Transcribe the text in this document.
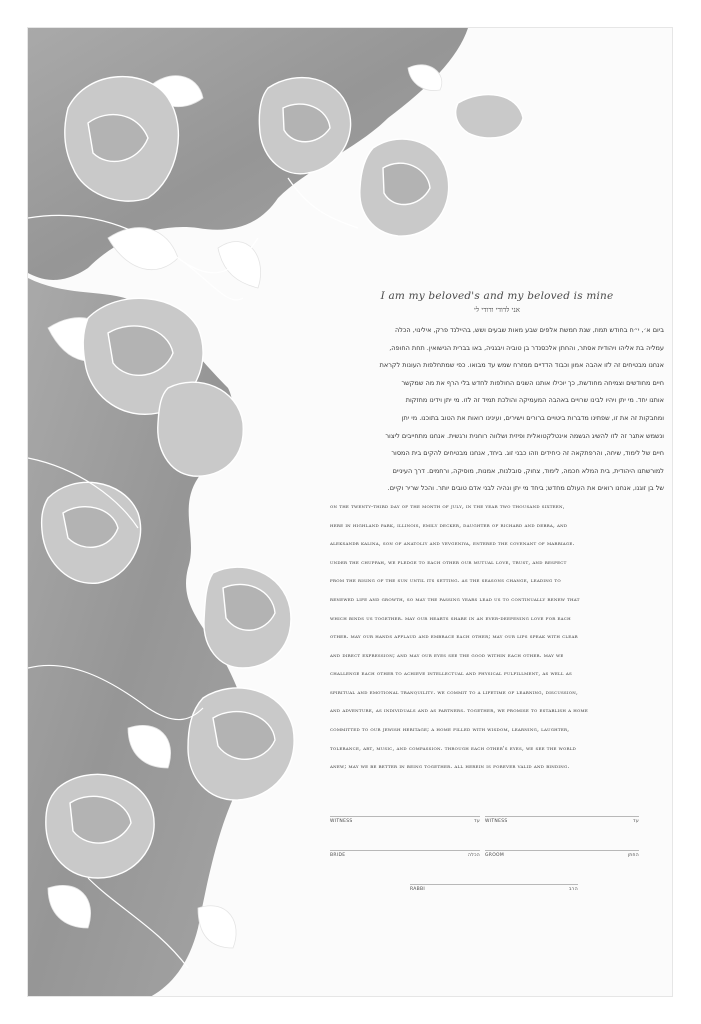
I am my beloved's and my beloved is mine

אני לדודי ודודי לי

ביום א׳, י״ח בחודש תמוז, שנת חמשת אלפים שבע מאות שבעים ושש, בהיילנד פרק, אילינוי, הכלה
עמליה בת אליהו ויהודית אסתר, והחתן אלכסנדר בן טוביה ויבגניה, באו בברית הנישואין. תחת החופה,
אנחנו מבטיחים זה לזו אהבה אמון וכבוד הדדיים ממזרח שמש עד מבואו. כפי שמתחלפות העונות לקראת
חיים מחודשים וצמיחה מחודשת, כך יוכילו אותנו השנים החולפות לחדש בלי הרף את מה שמקשר
אותנו יחד. מי יתן ויהיו לבינו שרויים באהבה המעמיקה והולכת תמיד זה לזו. מי יתן וידינו מחזקות
ומחבקות זה את זו, שפתינו מדברות ביטויים ברורים וישירים, ועינינו רואות את הטוב בתוכנו. מי יתן
ונשמש אתגר זה לזו להשיג הגשמה אינטלקטואלית ופיזית ושלווה רוחנית ורגשית. אנחנו מתחייבים ליצור
חיים של לימוד, שיחה, והרפתקאה זה כיחידים וזהו כבני זוג. ביחד, אנחנו מבטיחים להקים בית המסור
למורשתנו היהודית, בית המלא חכמה, לימוד, צחוק, סובלנות, אמנות, מוסיקה, ורחמים. דרך העיניים
של בן זוגנו, אנחנו רואים את העולם מחדש; ביחד מי יתן ונהיה לבני אדם טובים יותר. והכל שריר וקיים.
on the twenty-third day of the month of july, in the year two thousand sixteen,
here in highland park, illinois, emily decker, daughter of richard and debra, and
aleksandr kalina, son of anatoliy and yevgeniya, entered the covenant of marriage.
under the chuppah, we pledge to each other our mutual love, trust, and respect
from the rising of the sun until its setting. as the seasons change, leading to
renewed life and growth, so may the passing years lead us to continually renew that
which binds us together. may our hearts share in an ever-deepening love for each
other. may our hands applaud and embrace each other; may our lips speak with clear
and direct expression; and may our eyes see the good within each other. may we
challenge each other to achieve intellectual and physical fulfillment, as well as
spiritual and emotional tranquility. we commit to a lifetime of learning, discussion,
and adventure, as individuals and as partners. together, we promise to establish a home
committed to our jewish heritage; a home filled with wisdom, learning, laughter,
tolerance, art, music, and compassion. through each other's eyes, we see the world
anew; may we be better in being together. all herein is forever valid and binding.
WITNESS	עד WITNESS	עד
BRIDE	הכלה GROOM	החתן
RABBI	הרב
